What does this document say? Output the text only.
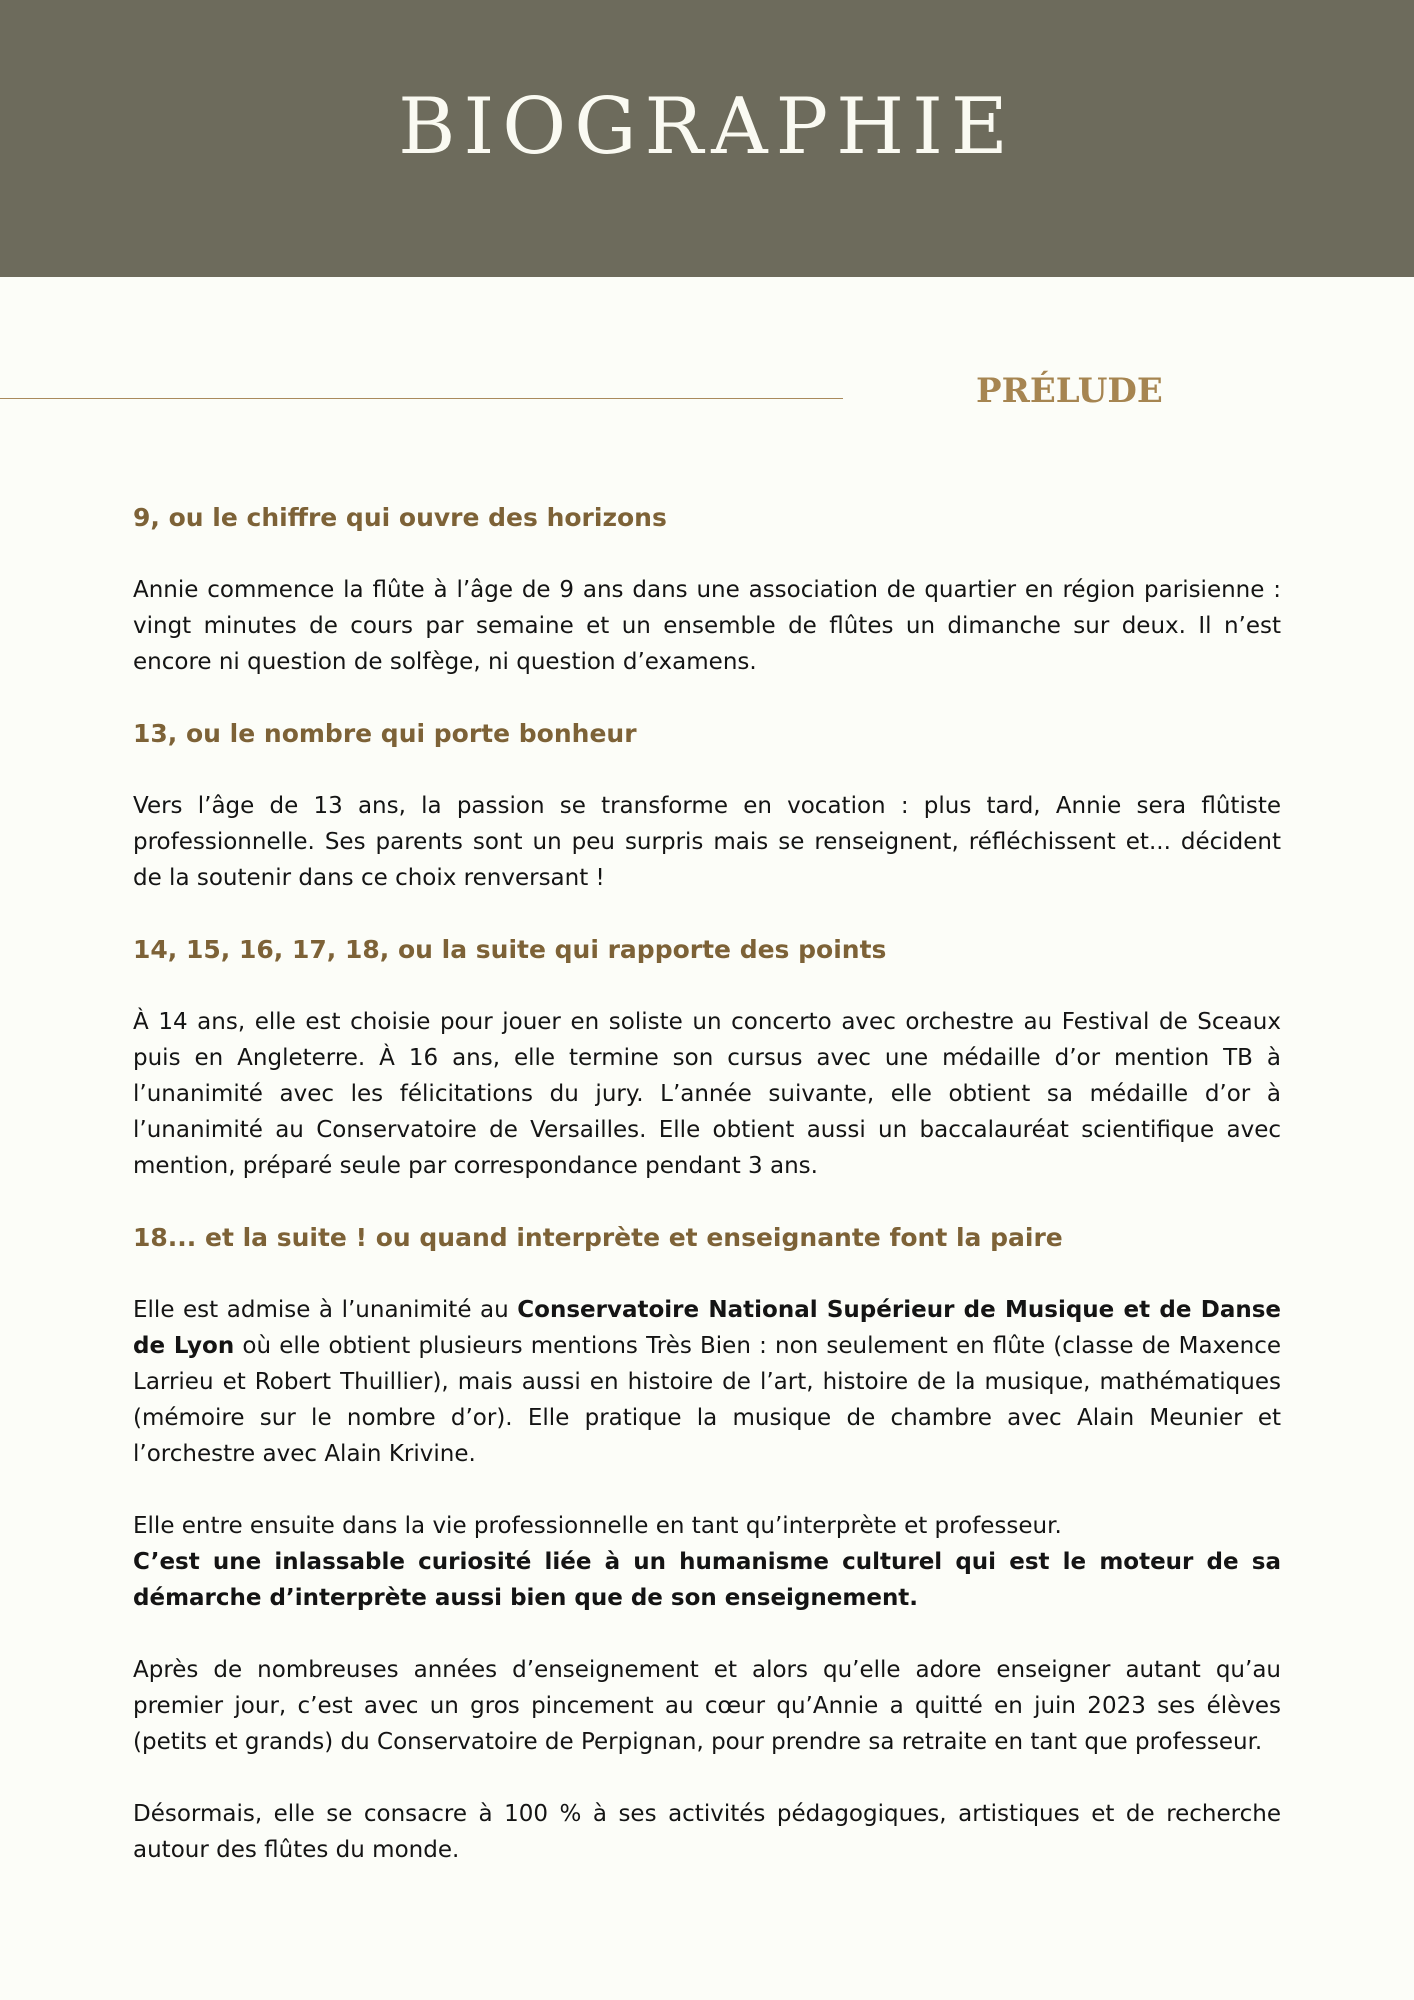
BIOGRAPHIE
PRÉLUDE
9, ou le chiffre qui ouvre des horizons

Annie commence la flûte à l’âge de 9 ans dans une association de quartier en région parisienne : vingt minutes de cours par semaine et un ensemble de flûtes un dimanche sur deux. Il n’est encore ni question de solfège, ni question d’examens.

13, ou le nombre qui porte bonheur

Vers l’âge de 13 ans, la passion se transforme en vocation : plus tard, Annie sera flûtiste professionnelle. Ses parents sont un peu surpris mais se renseignent, réfléchissent et... décident de la soutenir dans ce choix renversant !

14, 15, 16, 17, 18, ou la suite qui rapporte des points

À 14 ans, elle est choisie pour jouer en soliste un concerto avec orchestre au Festival de Sceaux puis en Angleterre. À 16 ans, elle termine son cursus avec une médaille d’or mention TB à l’unanimité avec les félicitations du jury. L’année suivante, elle obtient sa médaille d’or à l’unanimité au Conservatoire de Versailles. Elle obtient aussi un baccalauréat scientifique avec mention, préparé seule par correspondance pendant 3 ans.

18... et la suite ! ou quand interprète et enseignante font la paire

Elle est admise à l’unanimité au Conservatoire National Supérieur de Musique et de Danse de Lyon où elle obtient plusieurs mentions Très Bien : non seulement en flûte (classe de Maxence Larrieu et Robert Thuillier), mais aussi en histoire de l’art, histoire de la musique, mathématiques (mémoire sur le nombre d’or). Elle pratique la musique de chambre avec Alain Meunier et l’orchestre avec Alain Krivine.

Elle entre ensuite dans la vie professionnelle en tant qu’interprète et professeur.

C’est une inlassable curiosité liée à un humanisme culturel qui est le moteur de sa démarche d’interprète aussi bien que de son enseignement.

Après de nombreuses années d’enseignement et alors qu’elle adore enseigner autant qu’au premier jour, c’est avec un gros pincement au cœur qu’Annie a quitté en juin 2023 ses élèves (petits et grands) du Conservatoire de Perpignan, pour prendre sa retraite en tant que professeur.

Désormais, elle se consacre à 100 % à ses activités pédagogiques, artistiques et de recherche autour des flûtes du monde.
